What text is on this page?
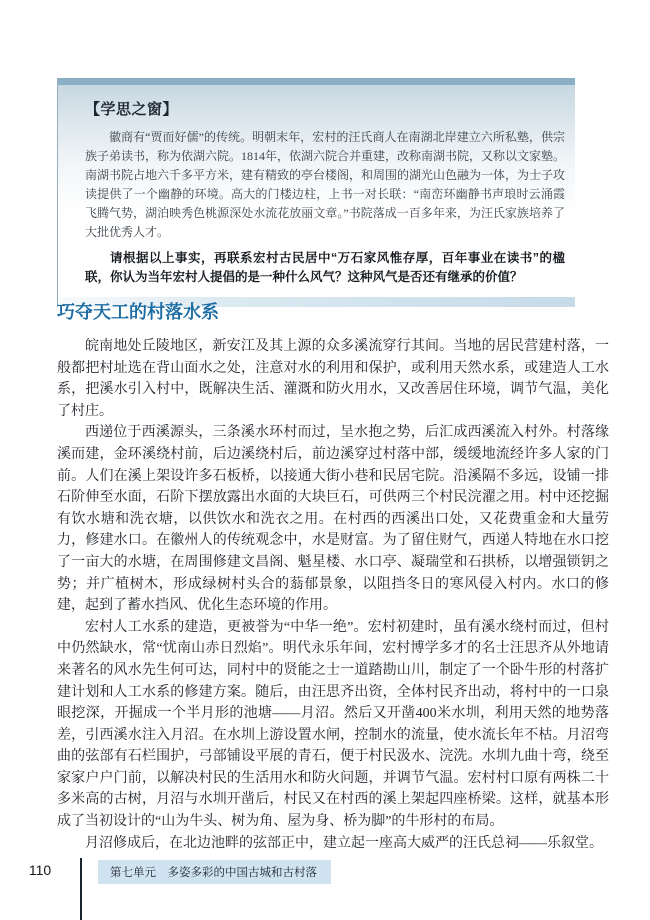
【学思之窗】

徽商有“贾而好儒”的传统。明朝末年，宏村的汪氏商人在南湖北岸建立六所私塾，供宗族子弟读书，称为依湖六院。1814年，依湖六院合并重建，改称南湖书院，又称以文家塾。南湖书院占地六千多平方米，建有精致的亭台楼阁，和周围的湖光山色融为一体，为士子攻读提供了一个幽静的环境。高大的门楼边柱，上书一对长联：“南峦环幽静书声琅时云涌霞飞腾气势，湖泊映秀色桃源深处水流花放丽文章。”书院落成一百多年来，为汪氏家族培养了大批优秀人才。

请根据以上事实，再联系宏村古民居中“万石家风惟存厚，百年事业在读书”的楹联，你认为当年宏村人提倡的是一种什么风气？这种风气是否还有继承的价值？

巧夺天工的村落水系

皖南地处丘陵地区，新安江及其上源的众多溪流穿行其间。当地的居民营建村落，一般都把村址选在背山面水之处，注意对水的利用和保护，或利用天然水系，或建造人工水系，把溪水引入村中，既解决生活、灌溉和防火用水，又改善居住环境，调节气温，美化了村庄。

西递位于西溪源头，三条溪水环村而过，呈水抱之势，后汇成西溪流入村外。村落缘溪而建，金环溪绕村前，后边溪绕村后，前边溪穿过村落中部，缓缓地流经许多人家的门前。人们在溪上架设许多石板桥，以接通大街小巷和民居宅院。沿溪隔不多远，设铺一排石阶伸至水面，石阶下摆放露出水面的大块巨石，可供两三个村民浣濯之用。村中还挖掘有饮水塘和洗衣塘，以供饮水和洗衣之用。在村西的西溪出口处，又花费重金和大量劳力，修建水口。在徽州人的传统观念中，水是财富。为了留住财气，西递人特地在水口挖了一亩大的水塘，在周围修建文昌阁、魁星楼、水口亭、凝瑞堂和石拱桥，以增强锁钥之势；并广植树木，形成绿树村头合的蓊郁景象，以阻挡冬日的寒风侵入村内。水口的修建，起到了蓄水挡风、优化生态环境的作用。

宏村人工水系的建造，更被誉为“中华一绝”。宏村初建时，虽有溪水绕村而过，但村中仍然缺水，常“忧南山赤日烈焰”。明代永乐年间，宏村博学多才的名士汪思齐从外地请来著名的风水先生何可达，同村中的贤能之士一道踏勘山川，制定了一个卧牛形的村落扩建计划和人工水系的修建方案。随后，由汪思齐出资，全体村民齐出动，将村中的一口泉眼挖深，开掘成一个半月形的池塘——月沼。然后又开凿400米水圳，利用天然的地势落差，引西溪水注入月沼。在水圳上游设置水闸，控制水的流量，使水流长年不枯。月沼弯曲的弦部有石栏围护，弓部铺设平展的青石，便于村民汲水、浣洗。水圳九曲十弯，绕至家家户户门前，以解决村民的生活用水和防火问题，并调节气温。宏村村口原有两株二十多米高的古树，月沼与水圳开凿后，村民又在村西的溪上架起四座桥梁。这样，就基本形成了当初设计的“山为牛头、树为角、屋为身、桥为脚”的牛形村的布局。

月沼修成后，在北边池畔的弦部正中，建立起一座高大威严的汪氏总祠——乐叙堂。

110	第七单元　多姿多彩的中国古城和古村落
